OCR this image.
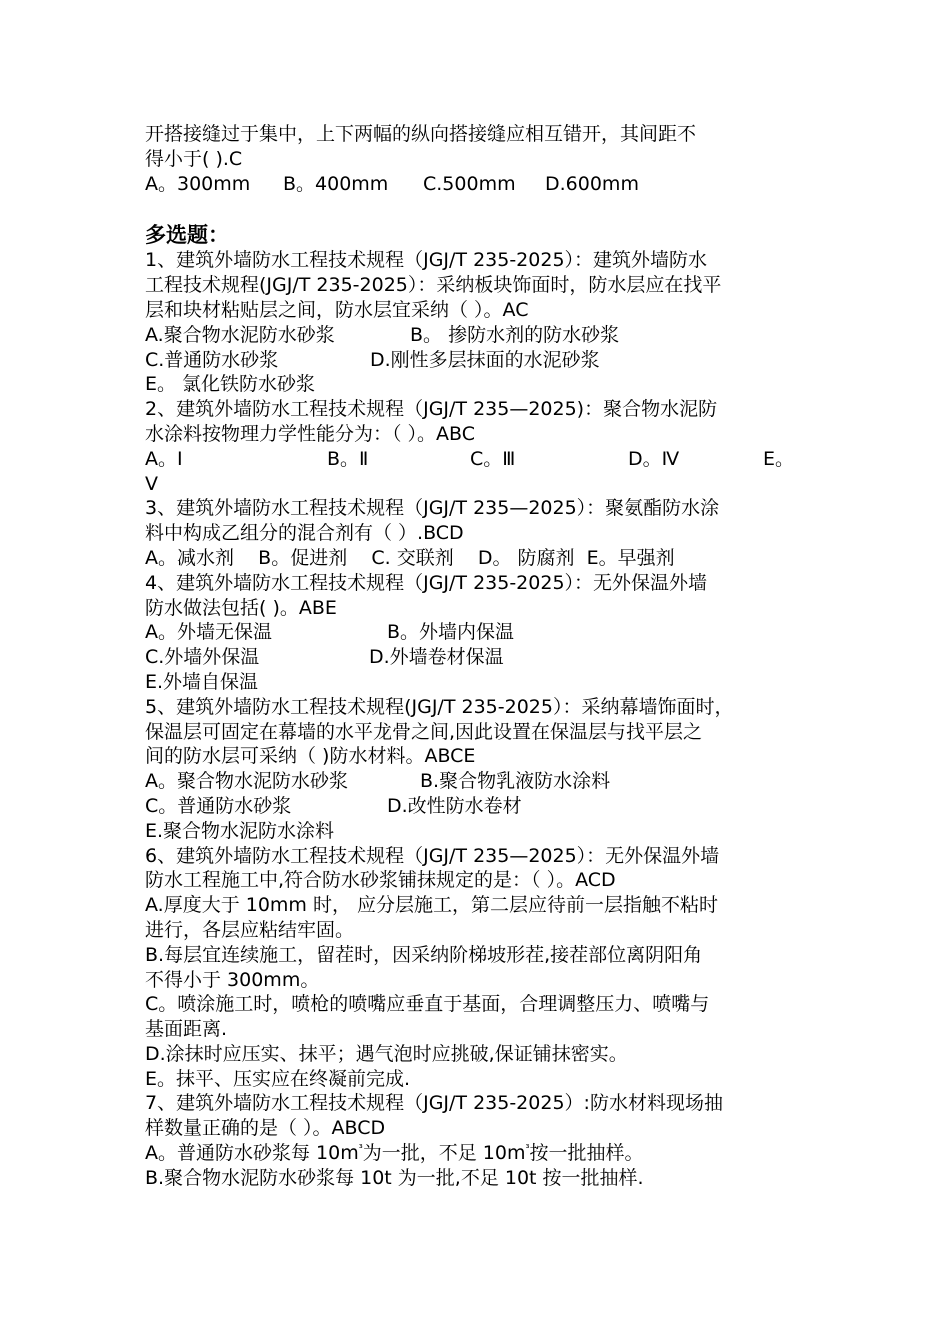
开搭接缝过于集中，上下两幅的纵向搭接缝应相互错开，其间距不
得小于( ).C
A。300mm B。400mm C.500mm D.600mm
多选题：
1、建筑外墙防水工程技术规程（JGJ/T 235-2025）：建筑外墙防水
工程技术规程(JGJ/T 235-2025）：采纳板块饰面时，防水层应在找平
层和块材粘贴层之间，防水层宜采纳（ ）。AC
A.聚合物水泥防水砂浆	B。 掺防水剂的防水砂浆
C.普通防水砂浆	D.刚性多层抹面的水泥砂浆
E。 氯化铁防水砂浆
2、建筑外墙防水工程技术规程（JGJ/T 235—2025)：聚合物水泥防
水涂料按物理力学性能分为：（ ）。ABC
A。Ⅰ	B。Ⅱ	C。Ⅲ	D。Ⅳ	E。
Ⅴ
3、建筑外墙防水工程技术规程（JGJ/T 235—2025）：聚氨酯防水涂
料中构成乙组分的混合剂有（ ）.BCD
A。减水剂    B。促进剂    C. 交联剂    D。 防腐剂  E。早强剂
4、建筑外墙防水工程技术规程（JGJ/T 235-2025）：无外保温外墙
防水做法包括( )。ABE
A。外墙无保温	B。外墙内保温
C.外墙外保温	D.外墙卷材保温
E.外墙自保温
5、建筑外墙防水工程技术规程(JGJ/T 235-2025）：采纳幕墙饰面时，
保温层可固定在幕墙的水平龙骨之间,因此设置在保温层与找平层之
间的防水层可采纳（ )防水材料。ABCE
A。聚合物水泥防水砂浆	B.聚合物乳液防水涂料
C。普通防水砂浆	D.改性防水卷材
E.聚合物水泥防水涂料
6、建筑外墙防水工程技术规程（JGJ/T 235—2025）：无外保温外墙
防水工程施工中,符合防水砂浆铺抹规定的是：（ ）。ACD
A.厚度大于 10mm 时， 应分层施工，第二层应待前一层指触不粘时
进行，各层应粘结牢固。
B.每层宜连续施工，留茬时，因采纳阶梯坡形茬,接茬部位离阴阳角
不得小于 300mm。
C。喷涂施工时，喷枪的喷嘴应垂直于基面，合理调整压力、喷嘴与
基面距离.
D.涂抹时应压实、抹平；遇气泡时应挑破,保证铺抹密实。
E。抹平、压实应在终凝前完成.
7、建筑外墙防水工程技术规程（JGJ/T 235-2025）:防水材料现场抽
样数量正确的是（ ）。ABCD
A。普通防水砂浆每 $10m^{^3}$为一批，不足 $10m^{^3}$按一批抽样。
B.聚合物水泥防水砂浆每 10t 为一批,不足 10t 按一批抽样.
